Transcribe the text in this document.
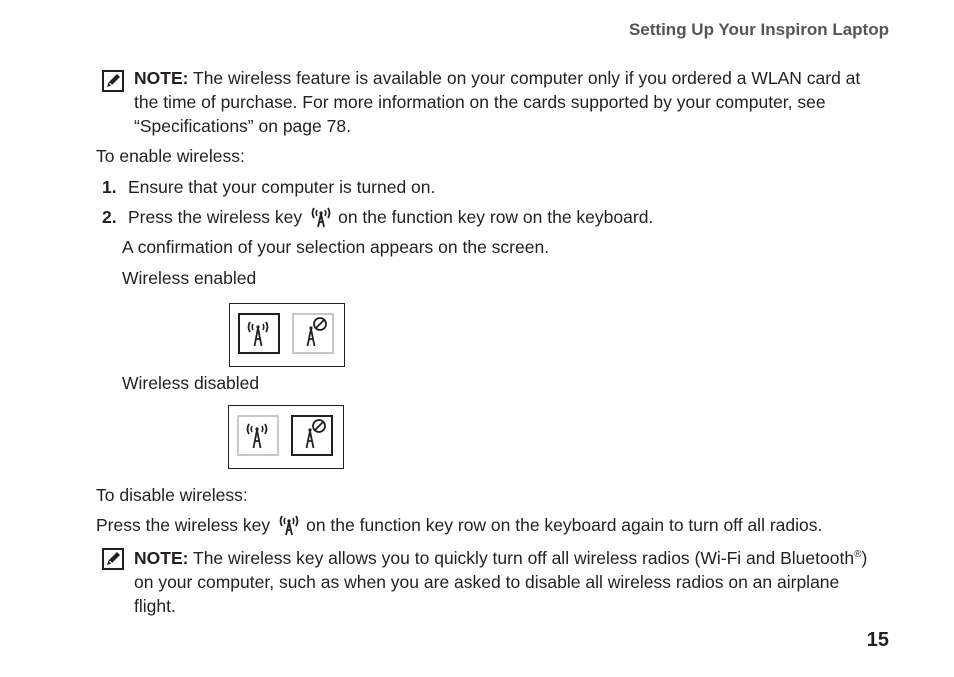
Setting Up Your Inspiron Laptop
NOTE: The wireless feature is available on your computer only if you ordered a WLAN card at the time of purchase. For more information on the cards supported by your computer, see “Specifications” on page 78.
To enable wireless:
1. Ensure that your computer is turned on.
2. Press the wireless key on the function key row on the keyboard.
A confirmation of your selection appears on the screen.
Wireless enabled
Wireless disabled
To disable wireless:
Press the wireless key on the function key row on the keyboard again to turn off all radios.
NOTE: The wireless key allows you to quickly turn off all wireless radios (Wi-Fi and Bluetooth®) on your computer, such as when you are asked to disable all wireless radios on an airplane flight.
15
